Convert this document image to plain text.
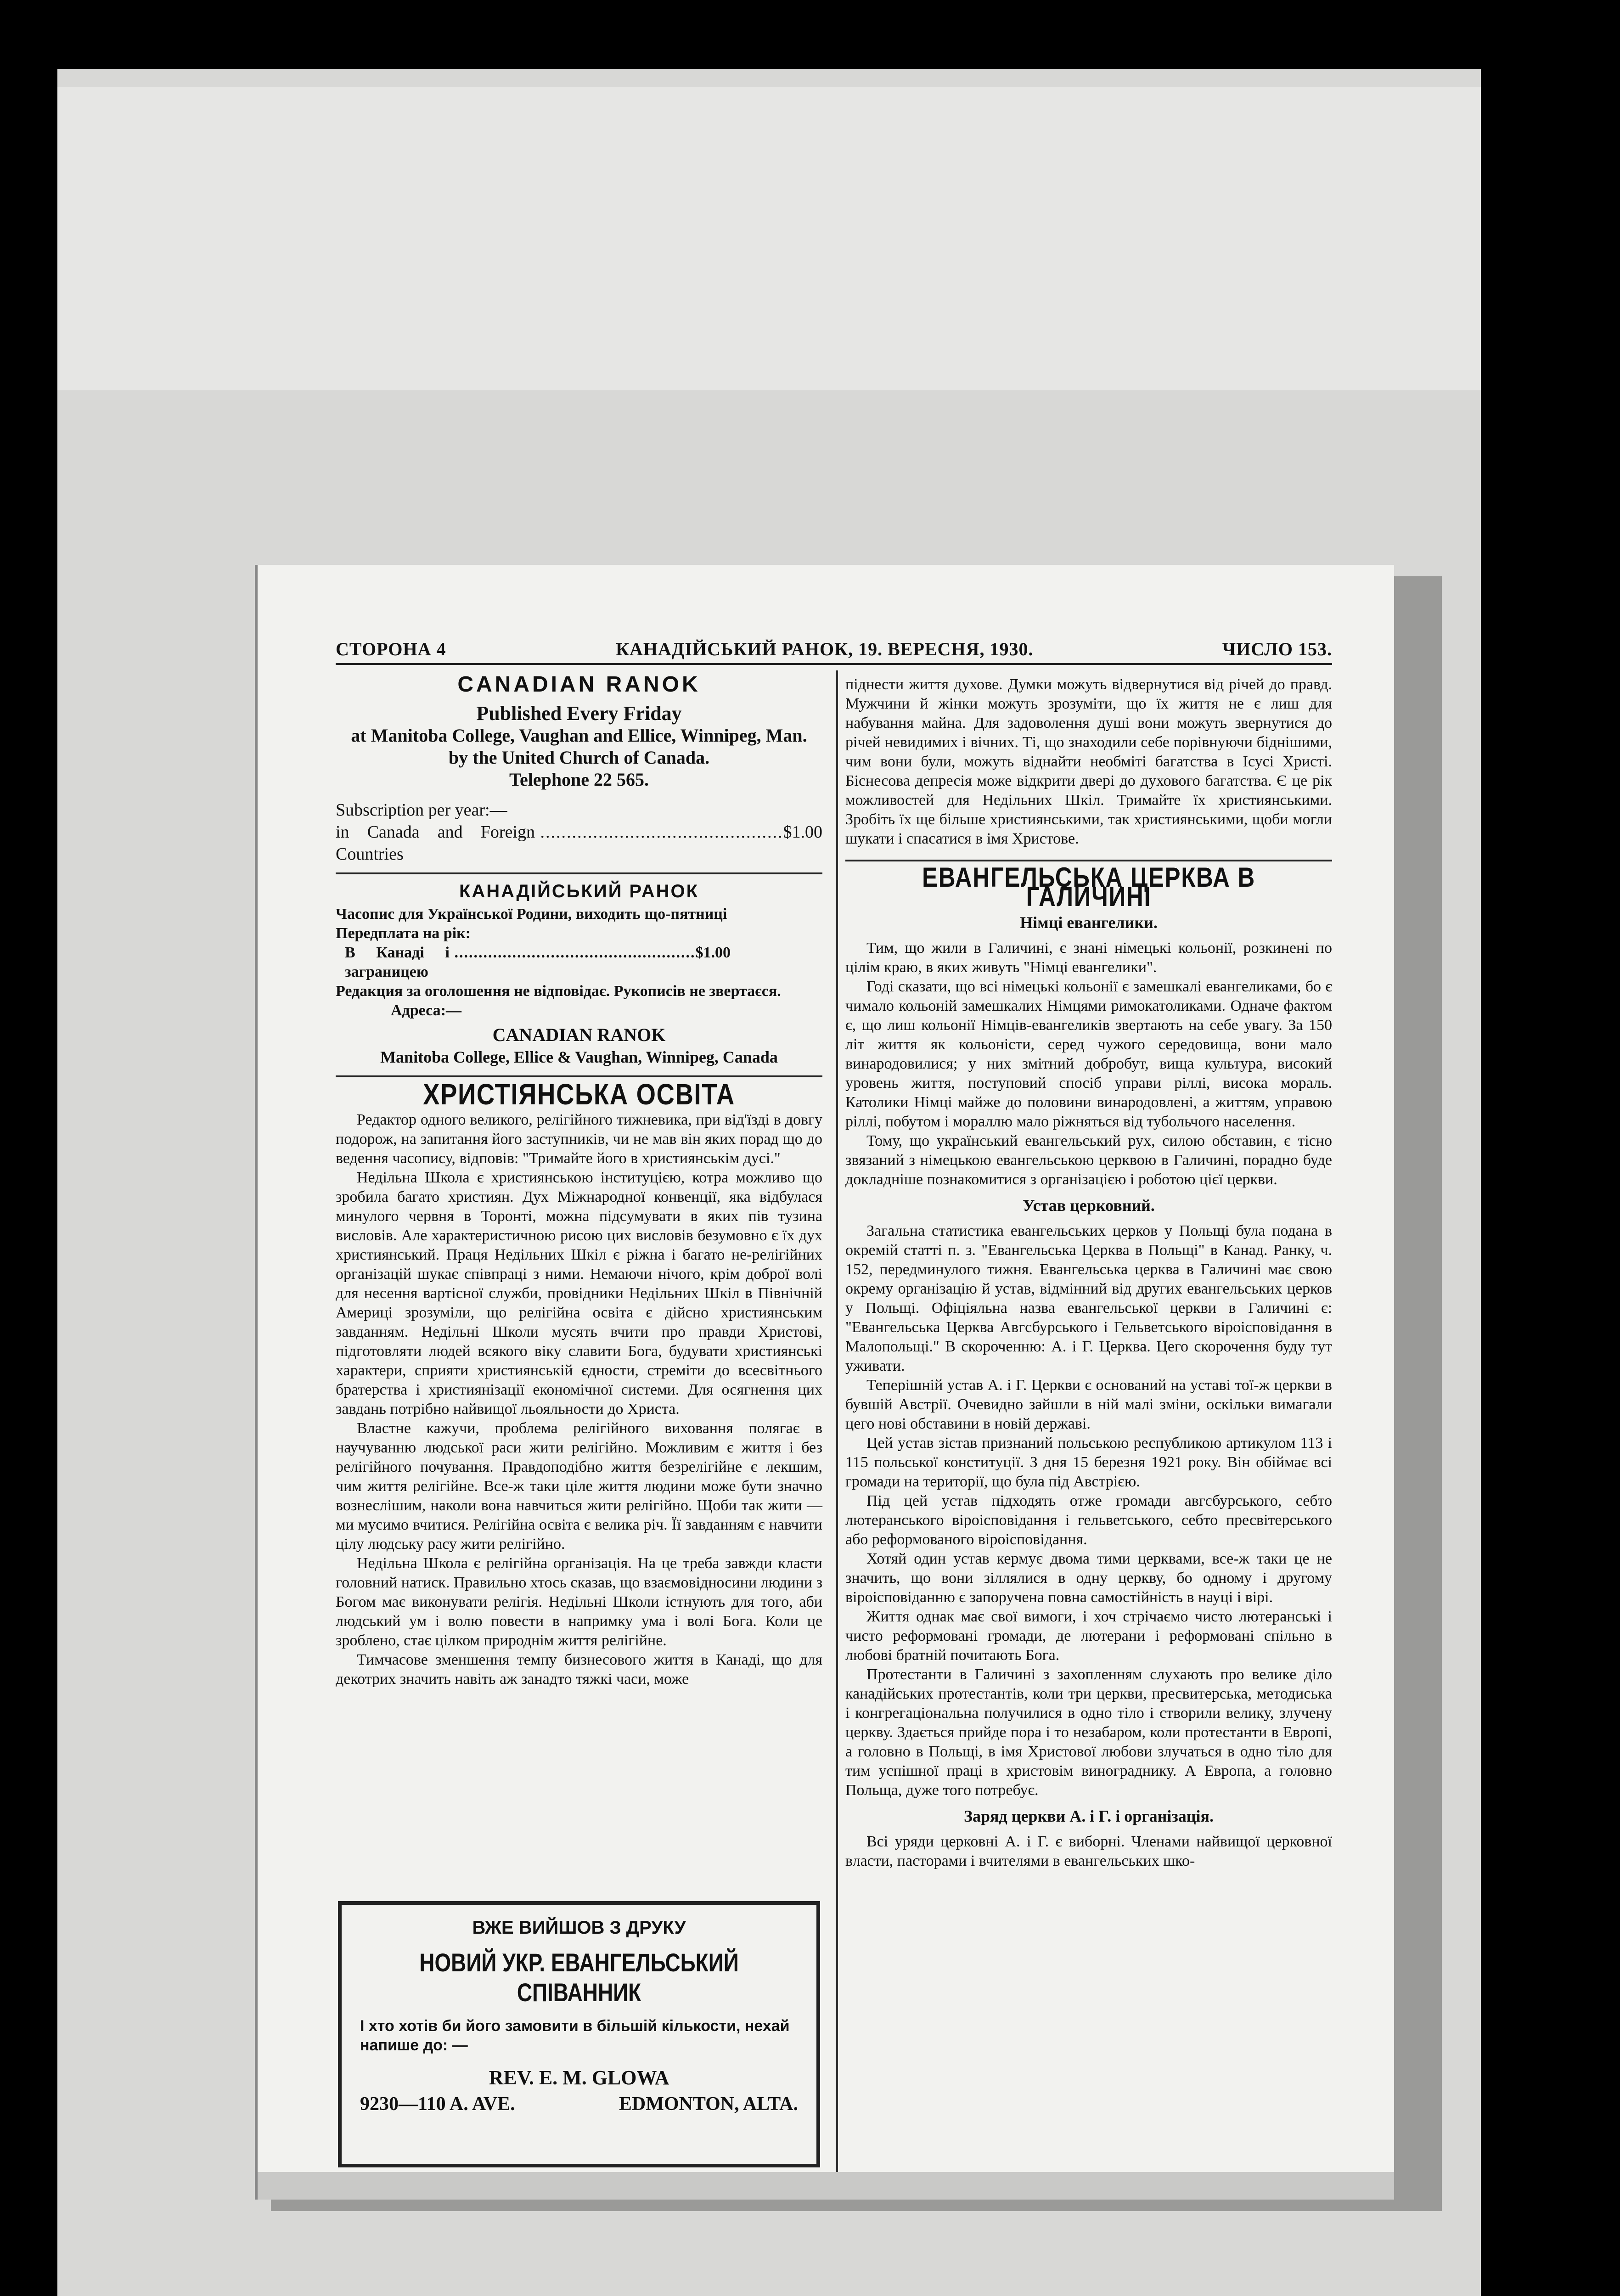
СТОРОНА 4	КАНАДІЙСЬКИЙ РАНОК, 19. ВЕРЕСНЯ, 1930.	ЧИСЛО 153.

CANADIAN RANOK

Published Every Friday

at Manitoba College, Vaughan and Ellice, Winnipeg, Man.

by the United Church of Canada.

Telephone 22 565.

Subscription per year:—

in Canada and Foreign Countries
.............................................. $1.00

КАНАДІЙСЬКИЙ РАНОК

Часопис для Української Родини, виходить що-пятниці

Передплата на рік:

В Канаді і заграницею
.................................................. $1.00

Редакция за оголошення не відповідає. Рукописів не звертаєся.

Адреса:—

CANADIAN RANOK

Manitoba College, Ellice & Vaughan, Winnipeg, Canada

ХРИСТІЯНСЬКА ОСВІТА

Редактор одного великого, релігійного тижневика, при від'їзді в довгу подорож, на запитання його заступників, чи не мав він яких порад що до ведення часопису, відповів: "Тримайте його в християнськім дусі."

Недільна Школа є християнською інституцією, котра можливо що зробила багато християн. Дух Міжнародної конвенції, яка відбулася минулого червня в Торонті, можна підсумувати в яких пів тузина висловів. Але характеристичною рисою цих висловів безумовно є їх дух християнський. Праця Недільних Шкіл є ріжна і багато не-релігійних організацій шукає співпраці з ними. Немаючи нічого, крім доброї волі для несення вартісної служби, провідники Недільних Шкіл в Північній Америці зрозуміли, що релігійна освіта є дійсно християнським завданням. Недільні Школи мусять вчити про правди Христові, підготовляти людей всякого віку славити Бога, будувати християнські характери, сприяти християнській єдности, стреміти до всесвітнього братерства і християнізації економічної системи. Для осягнення цих завдань потрібно найвищої льояльности до Христа.

Властне кажучи, проблема релігійного виховання полягає в научуванню людської раси жити релігійно. Можливим є життя і без релігійного почування. Правдоподібно життя безрелігійне є лекшим, чим життя релігійне. Все-ж таки ціле життя людини може бути значно вознеслішим, наколи вона навчиться жити релігійно. Щоби так жити — ми мусимо вчитися. Релігійна освіта є велика річ. Її завданням є навчити цілу людську расу жити релігійно.

Недільна Школа є релігійна організація. На це треба завжди класти головний натиск. Правильно хтось сказав, що взаємовідносини людини з Богом має виконувати релігія. Недільні Школи істнують для того, аби людський ум і волю повести в напримку ума і волі Бога. Коли це зроблено, стає цілком природнім життя релігійне.

Тимчасове зменшення темпу бизнесового життя в Канаді, що для декотрих значить навіть аж занадто тяжкі часи, може

ВЖЕ ВИЙШОВ З ДРУКУ

НОВИЙ УКР. ЕВАНГЕЛЬСЬКИЙ СПІВАННИК

І хто хотів би його замовити в більшій кількости, нехай напише до: —

REV. E. M. GLOWA

9230—110 A. AVE.	EDMONTON, ALTA.

піднести життя духове. Думки можуть відвернутися від річей до правд. Мужчини й жінки можуть зрозуміти, що їх життя не є лиш для набування майна. Для задоволення душі вони можуть звернутися до річей невидимих і вічних. Ті, що знаходили себе порівнуючи біднішими, чим вони були, можуть віднайти необміті багатства в Ісусі Христі. Біснесова депресія може відкрити двері до духового багатства. Є це рік можливостей для Недільних Шкіл. Тримайте їх християнськими. Зробіть їх ще більше християнськими, так християнськими, щоби могли шукати і спасатися в імя Христове.

ЕВАНГЕЛЬСЬКА ЦЕРКВА В ГАЛИЧИНІ

Німці евангелики.

Тим, що жили в Галичині, є знані німецькі кольонії, розкинені по цілім краю, в яких живуть "Німці евангелики".

Годі сказати, що всі німецькі кольонії є замешкалі евангеликами, бо є чимало кольоній замешкалих Німцями римокатоликами. Одначе фактом є, що лиш кольонії Німців-евангеликів звертають на себе увагу. За 150 літ життя як кольоністи, серед чужого середовища, вони мало винародовилися; у них змітний добробут, вища культура, високий уровень життя, поступовий спосіб управи ріллі, висока мораль. Католики Німці майже до половини винародовлені, а життям, управою ріллі, побутом і мораллю мало ріжняться від тубольчого населення.

Тому, що український евангельський рух, силою обставин, є тісно звязаний з німецькою евангельською церквою в Галичині, порадно буде докладніше познакомитися з організацією і роботою цієї церкви.

Устав церковний.

Загальна статистика евангельських церков у Польщі була подана в окремій статті п. з. "Евангельська Церква в Польщі" в Канад. Ранку, ч. 152, передминулого тижня. Евангельська церква в Галичині має свою окрему організацію й устав, відмінний від других евангельських церков у Польщі. Офіціяльна назва евангельської церкви в Галичині є: "Евангельська Церква Авгсбурського і Гельветського віроісповідання в Малопольщі." В скороченню: А. і Г. Церква. Цего скорочення буду тут уживати.

Теперішній устав А. і Г. Церкви є оснований на уставі тої-ж церкви в бувшій Австрії. Очевидно зайшли в ній малі зміни, оскільки вимагали цего нові обставини в новій державі.

Цей устав зістав признаний польською республикою артикулом 113 і 115 польської конституції. З дня 15 березня 1921 року. Він обіймає всі громади на території, що була під Австрією.

Під цей устав підходять отже громади авгсбурського, себто лютеранського віроісповідання і гельветського, себто пресвітерського або реформованого віроісповідання.

Хотяй один устав кермує двома тими церквами, все-ж таки це не значить, що вони зіллялися в одну церкву, бо одному і другому віроісповіданню є запоручена повна самостійність в науці і вірі.

Життя однак має свої вимоги, і хоч стрічаємо чисто лютеранські і чисто реформовані громади, де лютерани і реформовані спільно в любові братній почитають Бога.

Протестанти в Галичині з захопленням слухають про велике діло канадійських протестантів, коли три церкви, пресвитерська, методиська і конгрегаціональна получилися в одно тіло і створили велику, злучену церкву. Здається прийде пора і то незабаром, коли протестанти в Европі, а головно в Польщі, в імя Христової любови злучаться в одно тіло для тим успішної праці в христовім винограднику. А Европа, а головно Польща, дуже того потребує.

Заряд церкви А. і Г. і організація.

Всі уряди церковні А. і Г. є виборні. Членами найвищої церковної власти, пасторами і вчителями в евангельських шко-
